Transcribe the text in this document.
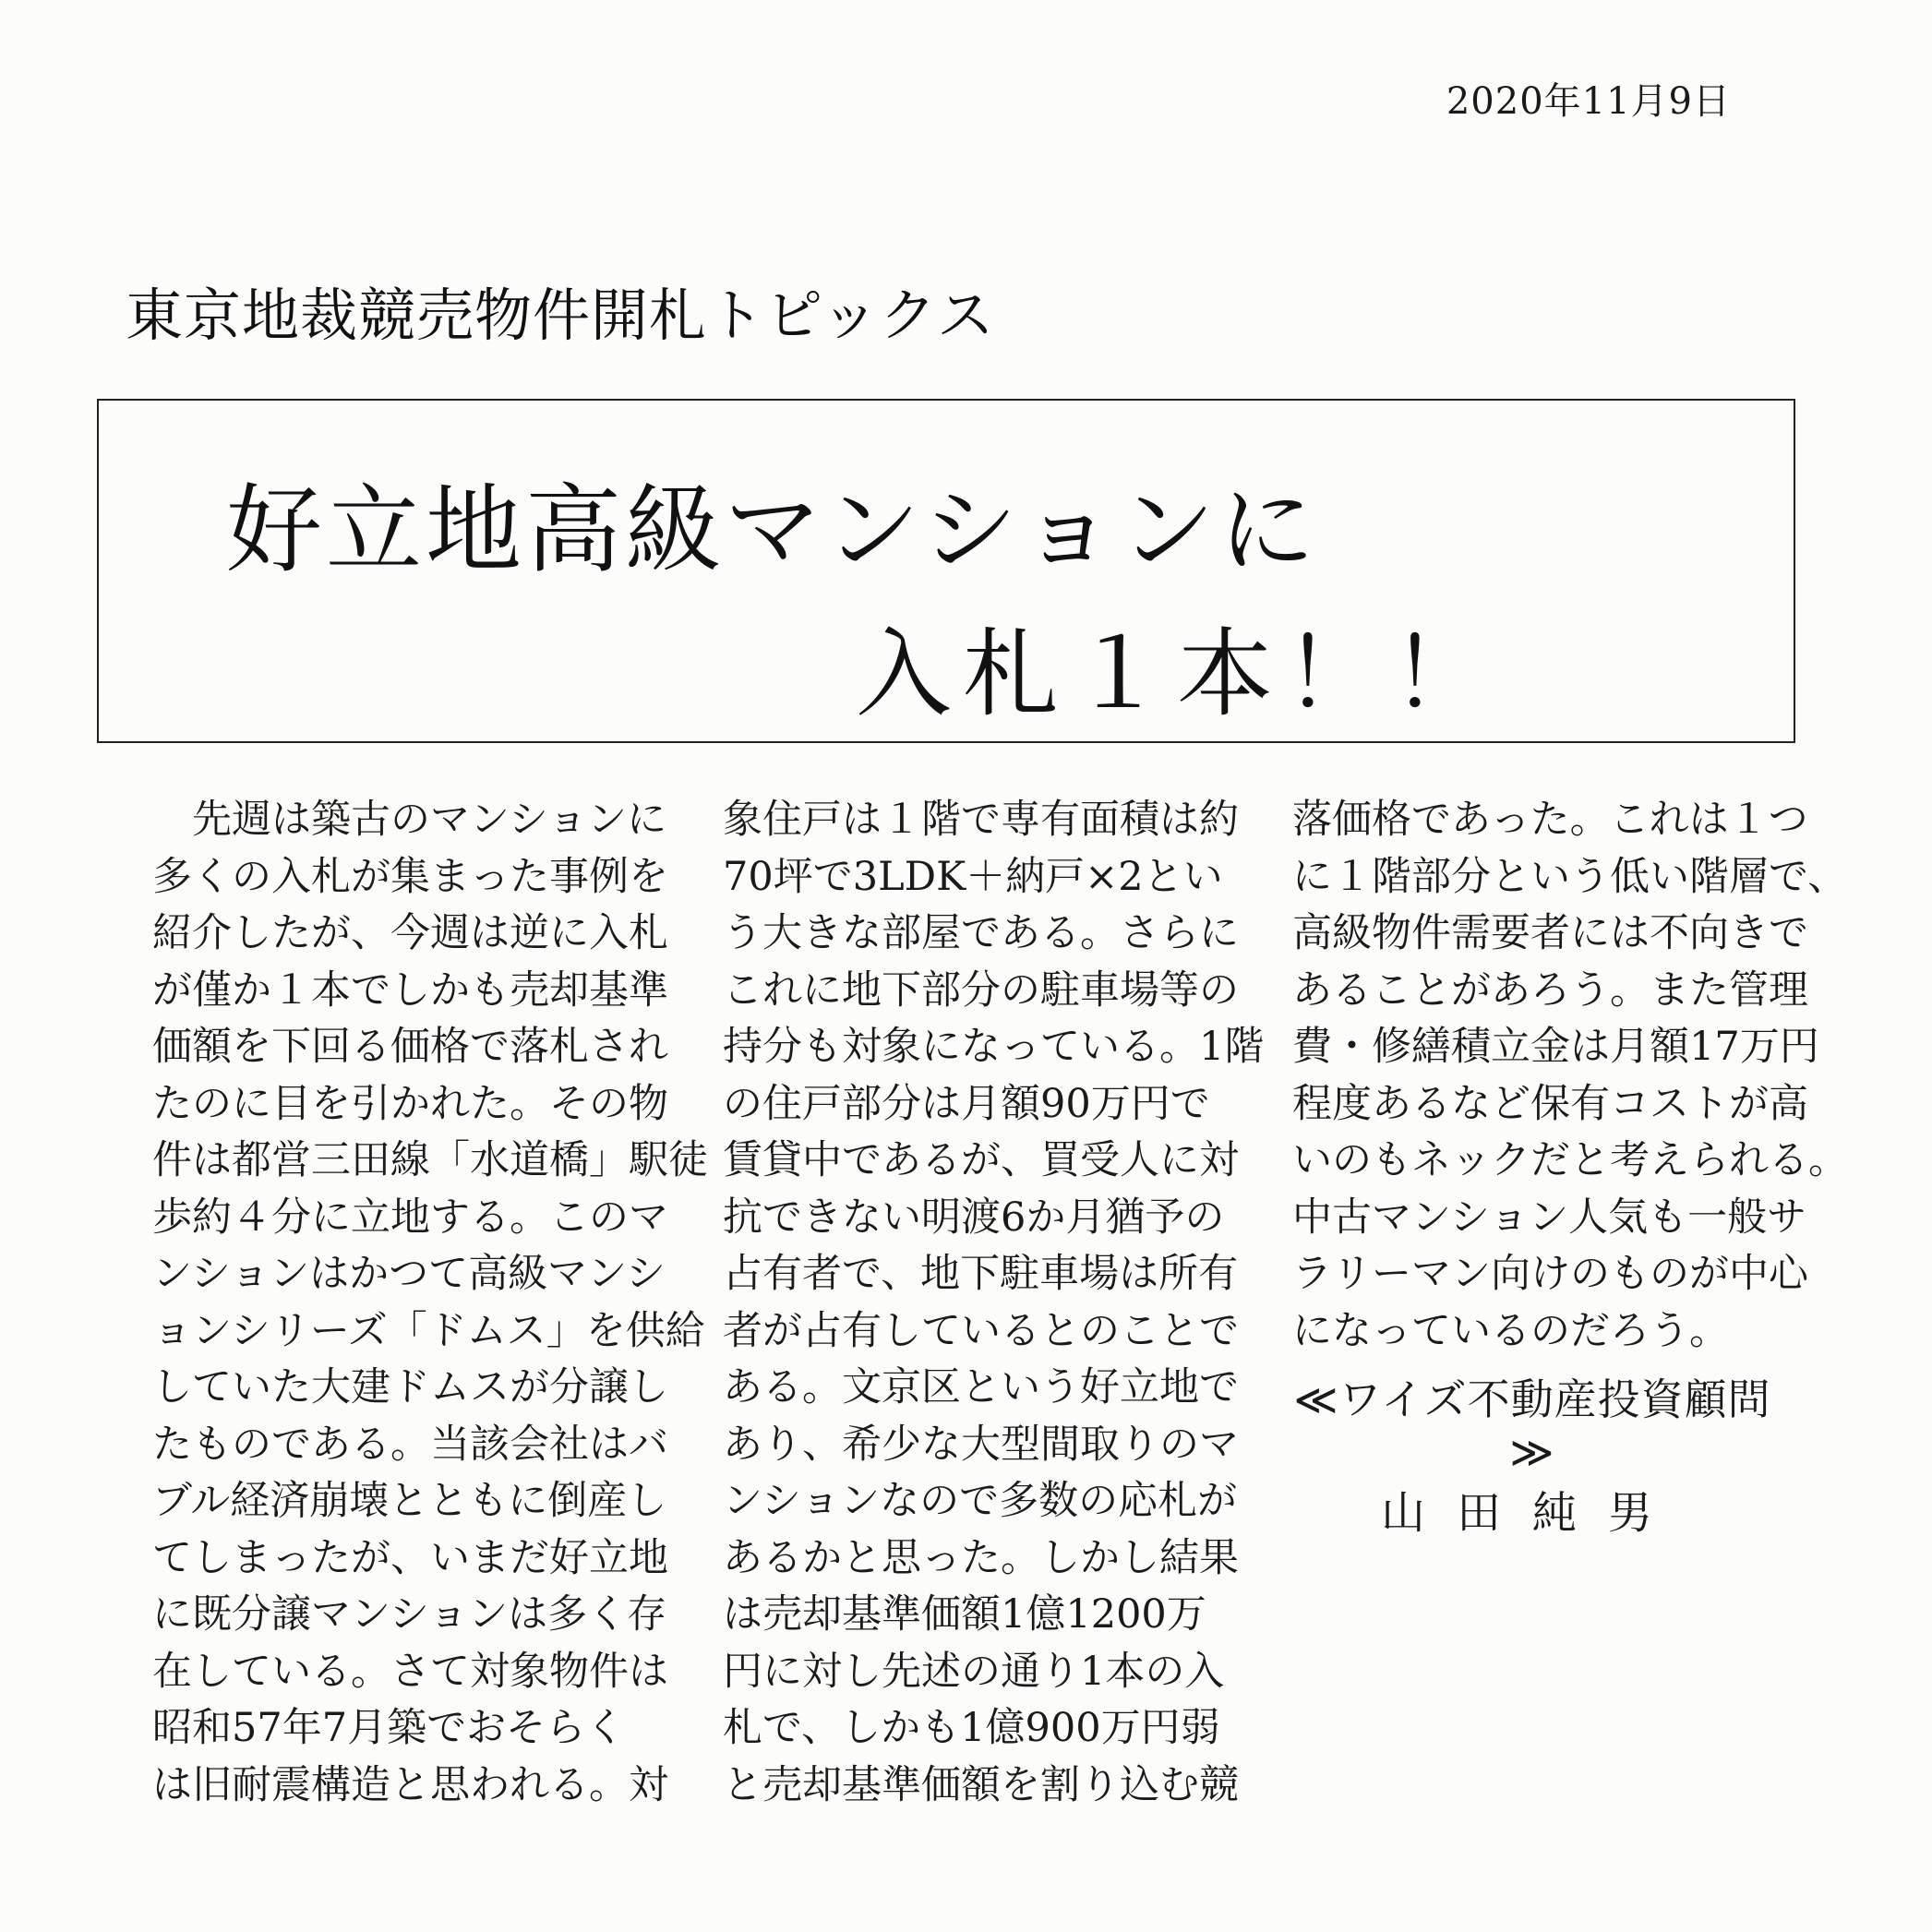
2020年11月9日
東京地裁競売物件開札トピックス
好立地高級マンションに
入札１本！！
　先週は築古のマンションに
多くの入札が集まった事例を
紹介したが、今週は逆に入札
が僅か１本でしかも売却基準
価額を下回る価格で落札され
たのに目を引かれた。その物
件は都営三田線「水道橋」駅徒
歩約４分に立地する。このマ
ンションはかつて高級マンシ
ョンシリーズ「ドムス」を供給
していた大建ドムスが分譲し
たものである。当該会社はバ
ブル経済崩壊とともに倒産し
てしまったが、いまだ好立地
に既分譲マンションは多く存
在している。さて対象物件は
昭和57年7月築でおそらく
は旧耐震構造と思われる。対
象住戸は１階で専有面積は約
70坪で3LDK＋納戸×2とい
う大きな部屋である。さらに
これに地下部分の駐車場等の
持分も対象になっている。1階
の住戸部分は月額90万円で
賃貸中であるが、買受人に対
抗できない明渡6か月猶予の
占有者で、地下駐車場は所有
者が占有しているとのことで
ある。文京区という好立地で
あり、希少な大型間取りのマ
ンションなので多数の応札が
あるかと思った。しかし結果
は売却基準価額1億1200万
円に対し先述の通り1本の入
札で、しかも1億900万円弱
と売却基準価額を割り込む競
落価格であった。これは１つ
に１階部分という低い階層で、
高級物件需要者には不向きで
あることがあろう。また管理
費・修繕積立金は月額17万円
程度あるなど保有コストが高
いのもネックだと考えられる。
中古マンション人気も一般サ
ラリーマン向けのものが中心
になっているのだろう。
≪ワイズ不動産投資顧問≫
山田純男
